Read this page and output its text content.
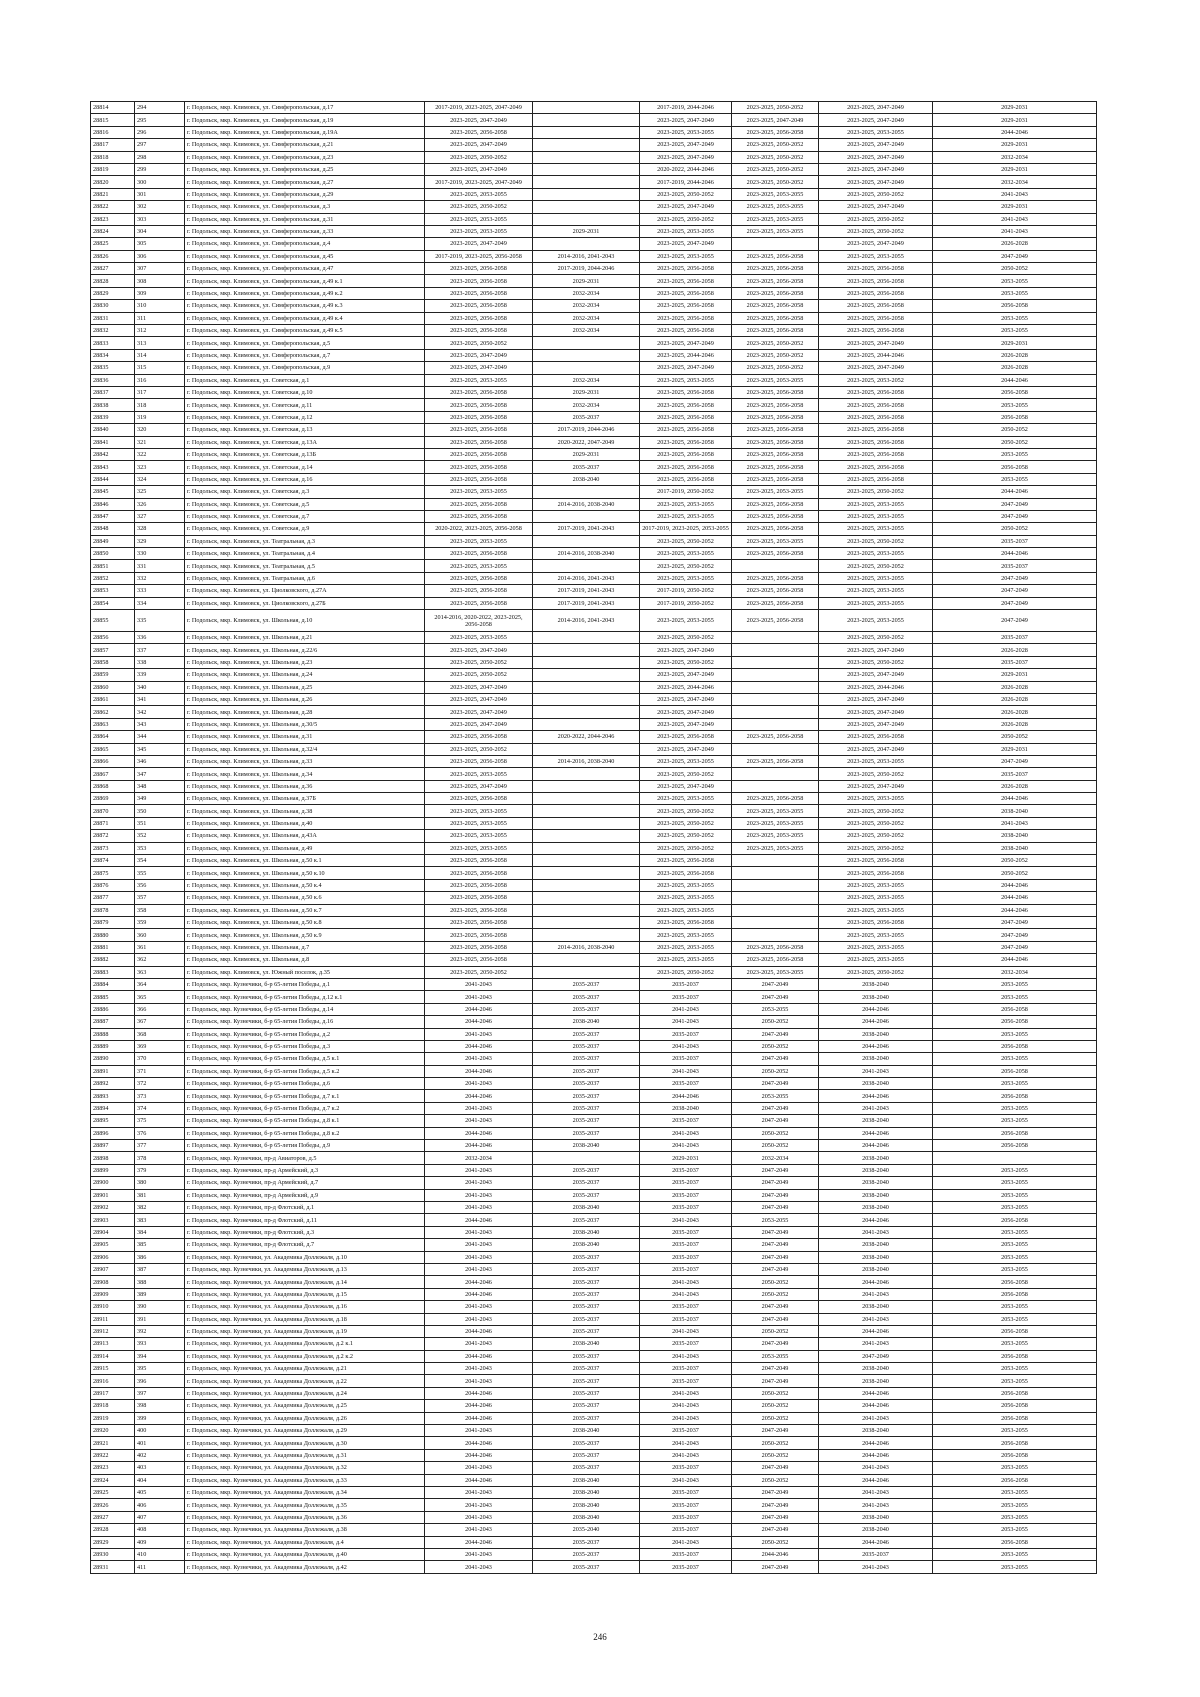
28814	294	г. Подольск, мкр. Климовск, ул. Симферопольская, д.17	2017-2019, 2023-2025, 2047-2049		2017-2019, 2044-2046	2023-2025, 2050-2052	2023-2025, 2047-2049	2029-2031
28815	295	г. Подольск, мкр. Климовск, ул. Симферопольская, д.19	2023-2025, 2047-2049		2023-2025, 2047-2049	2023-2025, 2047-2049	2023-2025, 2047-2049	2029-2031
28816	296	г. Подольск, мкр. Климовск, ул. Симферопольская, д.19А	2023-2025, 2056-2058		2023-2025, 2053-2055	2023-2025, 2056-2058	2023-2025, 2053-2055	2044-2046
28817	297	г. Подольск, мкр. Климовск, ул. Симферопольская, д.21	2023-2025, 2047-2049		2023-2025, 2047-2049	2023-2025, 2050-2052	2023-2025, 2047-2049	2029-2031
28818	298	г. Подольск, мкр. Климовск, ул. Симферопольская, д.23	2023-2025, 2050-2052		2023-2025, 2047-2049	2023-2025, 2050-2052	2023-2025, 2047-2049	2032-2034
28819	299	г. Подольск, мкр. Климовск, ул. Симферопольская, д.25	2023-2025, 2047-2049		2020-2022, 2044-2046	2023-2025, 2050-2052	2023-2025, 2047-2049	2029-2031
28820	300	г. Подольск, мкр. Климовск, ул. Симферопольская, д.27	2017-2019, 2023-2025, 2047-2049		2017-2019, 2044-2046	2023-2025, 2050-2052	2023-2025, 2047-2049	2032-2034
28821	301	г. Подольск, мкр. Климовск, ул. Симферопольская, д.29	2023-2025, 2053-2055		2023-2025, 2050-2052	2023-2025, 2053-2055	2023-2025, 2050-2052	2041-2043
28822	302	г. Подольск, мкр. Климовск, ул. Симферопольская, д.3	2023-2025, 2050-2052		2023-2025, 2047-2049	2023-2025, 2053-2055	2023-2025, 2047-2049	2029-2031
28823	303	г. Подольск, мкр. Климовск, ул. Симферопольская, д.31	2023-2025, 2053-2055		2023-2025, 2050-2052	2023-2025, 2053-2055	2023-2025, 2050-2052	2041-2043
28824	304	г. Подольск, мкр. Климовск, ул. Симферопольская, д.33	2023-2025, 2053-2055	2029-2031	2023-2025, 2053-2055	2023-2025, 2053-2055	2023-2025, 2050-2052	2041-2043
28825	305	г. Подольск, мкр. Климовск, ул. Симферопольская, д.4	2023-2025, 2047-2049		2023-2025, 2047-2049		2023-2025, 2047-2049	2026-2028
28826	306	г. Подольск, мкр. Климовск, ул. Симферопольская, д.45	2017-2019, 2023-2025, 2056-2058	2014-2016, 2041-2043	2023-2025, 2053-2055	2023-2025, 2056-2058	2023-2025, 2053-2055	2047-2049
28827	307	г. Подольск, мкр. Климовск, ул. Симферопольская, д.47	2023-2025, 2056-2058	2017-2019, 2044-2046	2023-2025, 2056-2058	2023-2025, 2056-2058	2023-2025, 2056-2058	2050-2052
28828	308	г. Подольск, мкр. Климовск, ул. Симферопольская, д.49 к.1	2023-2025, 2056-2058	2029-2031	2023-2025, 2056-2058	2023-2025, 2056-2058	2023-2025, 2056-2058	2053-2055
28829	309	г. Подольск, мкр. Климовск, ул. Симферопольская, д.49 к.2	2023-2025, 2056-2058	2032-2034	2023-2025, 2056-2058	2023-2025, 2056-2058	2023-2025, 2056-2058	2053-2055
28830	310	г. Подольск, мкр. Климовск, ул. Симферопольская, д.49 к.3	2023-2025, 2056-2058	2032-2034	2023-2025, 2056-2058	2023-2025, 2056-2058	2023-2025, 2056-2058	2056-2058
28831	311	г. Подольск, мкр. Климовск, ул. Симферопольская, д.49 к.4	2023-2025, 2056-2058	2032-2034	2023-2025, 2056-2058	2023-2025, 2056-2058	2023-2025, 2056-2058	2053-2055
28832	312	г. Подольск, мкр. Климовск, ул. Симферопольская, д.49 к.5	2023-2025, 2056-2058	2032-2034	2023-2025, 2056-2058	2023-2025, 2056-2058	2023-2025, 2056-2058	2053-2055
28833	313	г. Подольск, мкр. Климовск, ул. Симферопольская, д.5	2023-2025, 2050-2052		2023-2025, 2047-2049	2023-2025, 2050-2052	2023-2025, 2047-2049	2029-2031
28834	314	г. Подольск, мкр. Климовск, ул. Симферопольская, д.7	2023-2025, 2047-2049		2023-2025, 2044-2046	2023-2025, 2050-2052	2023-2025, 2044-2046	2026-2028
28835	315	г. Подольск, мкр. Климовск, ул. Симферопольская, д.9	2023-2025, 2047-2049		2023-2025, 2047-2049	2023-2025, 2050-2052	2023-2025, 2047-2049	2026-2028
28836	316	г. Подольск, мкр. Климовск, ул. Советская, д.1	2023-2025, 2053-2055	2032-2034	2023-2025, 2053-2055	2023-2025, 2053-2055	2023-2025, 2053-2052	2044-2046
28837	317	г. Подольск, мкр. Климовск, ул. Советская, д.10	2023-2025, 2056-2058	2029-2031	2023-2025, 2056-2058	2023-2025, 2056-2058	2023-2025, 2056-2058	2056-2058
28838	318	г. Подольск, мкр. Климовск, ул. Советская, д.11	2023-2025, 2056-2058	2032-2034	2023-2025, 2056-2058	2023-2025, 2056-2058	2023-2025, 2056-2058	2053-2055
28839	319	г. Подольск, мкр. Климовск, ул. Советская, д.12	2023-2025, 2056-2058	2035-2037	2023-2025, 2056-2058	2023-2025, 2056-2058	2023-2025, 2056-2058	2056-2058
28840	320	г. Подольск, мкр. Климовск, ул. Советская, д.13	2023-2025, 2056-2058	2017-2019, 2044-2046	2023-2025, 2056-2058	2023-2025, 2056-2058	2023-2025, 2056-2058	2050-2052
28841	321	г. Подольск, мкр. Климовск, ул. Советская, д.13А	2023-2025, 2056-2058	2020-2022, 2047-2049	2023-2025, 2056-2058	2023-2025, 2056-2058	2023-2025, 2056-2058	2050-2052
28842	322	г. Подольск, мкр. Климовск, ул. Советская, д.13Б	2023-2025, 2056-2058	2029-2031	2023-2025, 2056-2058	2023-2025, 2056-2058	2023-2025, 2056-2058	2053-2055
28843	323	г. Подольск, мкр. Климовск, ул. Советская, д.14	2023-2025, 2056-2058	2035-2037	2023-2025, 2056-2058	2023-2025, 2056-2058	2023-2025, 2056-2058	2056-2058
28844	324	г. Подольск, мкр. Климовск, ул. Советская, д.16	2023-2025, 2056-2058	2038-2040	2023-2025, 2056-2058	2023-2025, 2056-2058	2023-2025, 2056-2058	2053-2055
28845	325	г. Подольск, мкр. Климовск, ул. Советская, д.3	2023-2025, 2053-2055		2017-2019, 2050-2052	2023-2025, 2053-2055	2023-2025, 2050-2052	2044-2046
28846	326	г. Подольск, мкр. Климовск, ул. Советская, д.5	2023-2025, 2056-2058	2014-2016, 2038-2040	2023-2025, 2053-2055	2023-2025, 2056-2058	2023-2025, 2053-2055	2047-2049
28847	327	г. Подольск, мкр. Климовск, ул. Советская, д.7	2023-2025, 2056-2058		2023-2025, 2053-2055	2023-2025, 2056-2058	2023-2025, 2053-2055	2047-2049
28848	328	г. Подольск, мкр. Климовск, ул. Советская, д.9	2020-2022, 2023-2025, 2056-2058	2017-2019, 2041-2043	2017-2019, 2023-2025, 2053-2055	2023-2025, 2056-2058	2023-2025, 2053-2055	2050-2052
28849	329	г. Подольск, мкр. Климовск, ул. Театральная, д.3	2023-2025, 2053-2055		2023-2025, 2050-2052	2023-2025, 2053-2055	2023-2025, 2050-2052	2035-2037
28850	330	г. Подольск, мкр. Климовск, ул. Театральная, д.4	2023-2025, 2056-2058	2014-2016, 2038-2040	2023-2025, 2053-2055	2023-2025, 2056-2058	2023-2025, 2053-2055	2044-2046
28851	331	г. Подольск, мкр. Климовск, ул. Театральная, д.5	2023-2025, 2053-2055		2023-2025, 2050-2052		2023-2025, 2050-2052	2035-2037
28852	332	г. Подольск, мкр. Климовск, ул. Театральная, д.6	2023-2025, 2056-2058	2014-2016, 2041-2043	2023-2025, 2053-2055	2023-2025, 2056-2058	2023-2025, 2053-2055	2047-2049
28853	333	г. Подольск, мкр. Климовск, ул. Циолковского, д.27А	2023-2025, 2056-2058	2017-2019, 2041-2043	2017-2019, 2050-2052	2023-2025, 2056-2058	2023-2025, 2053-2055	2047-2049
28854	334	г. Подольск, мкр. Климовск, ул. Циолковского, д.27Б	2023-2025, 2056-2058	2017-2019, 2041-2043	2017-2019, 2050-2052	2023-2025, 2056-2058	2023-2025, 2053-2055	2047-2049
28855	335	г. Подольск, мкр. Климовск, ул. Школьная, д.10	2014-2016, 2020-2022, 2023-2025, 2056-2058	2014-2016, 2041-2043	2023-2025, 2053-2055	2023-2025, 2056-2058	2023-2025, 2053-2055	2047-2049
28856	336	г. Подольск, мкр. Климовск, ул. Школьная, д.21	2023-2025, 2053-2055		2023-2025, 2050-2052		2023-2025, 2050-2052	2035-2037
28857	337	г. Подольск, мкр. Климовск, ул. Школьная, д.22/6	2023-2025, 2047-2049		2023-2025, 2047-2049		2023-2025, 2047-2049	2026-2028
28858	338	г. Подольск, мкр. Климовск, ул. Школьная, д.23	2023-2025, 2050-2052		2023-2025, 2050-2052		2023-2025, 2050-2052	2035-2037
28859	339	г. Подольск, мкр. Климовск, ул. Школьная, д.24	2023-2025, 2050-2052		2023-2025, 2047-2049		2023-2025, 2047-2049	2029-2031
28860	340	г. Подольск, мкр. Климовск, ул. Школьная, д.25	2023-2025, 2047-2049		2023-2025, 2044-2046		2023-2025, 2044-2046	2026-2028
28861	341	г. Подольск, мкр. Климовск, ул. Школьная, д.26	2023-2025, 2047-2049		2023-2025, 2047-2049		2023-2025, 2047-2049	2026-2028
28862	342	г. Подольск, мкр. Климовск, ул. Школьная, д.28	2023-2025, 2047-2049		2023-2025, 2047-2049		2023-2025, 2047-2049	2026-2028
28863	343	г. Подольск, мкр. Климовск, ул. Школьная, д.30/5	2023-2025, 2047-2049		2023-2025, 2047-2049		2023-2025, 2047-2049	2026-2028
28864	344	г. Подольск, мкр. Климовск, ул. Школьная, д.31	2023-2025, 2056-2058	2020-2022, 2044-2046	2023-2025, 2056-2058	2023-2025, 2056-2058	2023-2025, 2056-2058	2050-2052
28865	345	г. Подольск, мкр. Климовск, ул. Школьная, д.32/4	2023-2025, 2050-2052		2023-2025, 2047-2049		2023-2025, 2047-2049	2029-2031
28866	346	г. Подольск, мкр. Климовск, ул. Школьная, д.33	2023-2025, 2056-2058	2014-2016, 2038-2040	2023-2025, 2053-2055	2023-2025, 2056-2058	2023-2025, 2053-2055	2047-2049
28867	347	г. Подольск, мкр. Климовск, ул. Школьная, д.34	2023-2025, 2053-2055		2023-2025, 2050-2052		2023-2025, 2050-2052	2035-2037
28868	348	г. Подольск, мкр. Климовск, ул. Школьная, д.36	2023-2025, 2047-2049		2023-2025, 2047-2049		2023-2025, 2047-2049	2026-2028
28869	349	г. Подольск, мкр. Климовск, ул. Школьная, д.37Б	2023-2025, 2056-2058		2023-2025, 2053-2055	2023-2025, 2056-2058	2023-2025, 2053-2055	2044-2046
28870	350	г. Подольск, мкр. Климовск, ул. Школьная, д.38	2023-2025, 2053-2055		2023-2025, 2050-2052	2023-2025, 2053-2055	2023-2025, 2050-2052	2038-2040
28871	351	г. Подольск, мкр. Климовск, ул. Школьная, д.40	2023-2025, 2053-2055		2023-2025, 2050-2052	2023-2025, 2053-2055	2023-2025, 2050-2052	2041-2043
28872	352	г. Подольск, мкр. Климовск, ул. Школьная, д.43А	2023-2025, 2053-2055		2023-2025, 2050-2052	2023-2025, 2053-2055	2023-2025, 2050-2052	2038-2040
28873	353	г. Подольск, мкр. Климовск, ул. Школьная, д.49	2023-2025, 2053-2055		2023-2025, 2050-2052	2023-2025, 2053-2055	2023-2025, 2050-2052	2038-2040
28874	354	г. Подольск, мкр. Климовск, ул. Школьная, д.50 к.1	2023-2025, 2056-2058		2023-2025, 2056-2058		2023-2025, 2056-2058	2050-2052
28875	355	г. Подольск, мкр. Климовск, ул. Школьная, д.50 к.10	2023-2025, 2056-2058		2023-2025, 2056-2058		2023-2025, 2056-2058	2050-2052
28876	356	г. Подольск, мкр. Климовск, ул. Школьная, д.50 к.4	2023-2025, 2056-2058		2023-2025, 2053-2055		2023-2025, 2053-2055	2044-2046
28877	357	г. Подольск, мкр. Климовск, ул. Школьная, д.50 к.6	2023-2025, 2056-2058		2023-2025, 2053-2055		2023-2025, 2053-2055	2044-2046
28878	358	г. Подольск, мкр. Климовск, ул. Школьная, д.50 к.7	2023-2025, 2056-2058		2023-2025, 2053-2055		2023-2025, 2053-2055	2044-2046
28879	359	г. Подольск, мкр. Климовск, ул. Школьная, д.50 к.8	2023-2025, 2056-2058		2023-2025, 2056-2058		2023-2025, 2056-2058	2047-2049
28880	360	г. Подольск, мкр. Климовск, ул. Школьная, д.50 к.9	2023-2025, 2056-2058		2023-2025, 2053-2055		2023-2025, 2053-2055	2047-2049
28881	361	г. Подольск, мкр. Климовск, ул. Школьная, д.7	2023-2025, 2056-2058	2014-2016, 2038-2040	2023-2025, 2053-2055	2023-2025, 2056-2058	2023-2025, 2053-2055	2047-2049
28882	362	г. Подольск, мкр. Климовск, ул. Школьная, д.8	2023-2025, 2056-2058		2023-2025, 2053-2055	2023-2025, 2056-2058	2023-2025, 2053-2055	2044-2046
28883	363	г. Подольск, мкр. Климовск, ул. Южный поселок, д.35	2023-2025, 2050-2052		2023-2025, 2050-2052	2023-2025, 2053-2055	2023-2025, 2050-2052	2032-2034
28884	364	г. Подольск, мкр. Кузнечики, б-р 65-летия Победы, д.1	2041-2043	2035-2037	2035-2037	2047-2049	2038-2040	2053-2055
28885	365	г. Подольск, мкр. Кузнечики, б-р 65-летия Победы, д.12 к.1	2041-2043	2035-2037	2035-2037	2047-2049	2038-2040	2053-2055
28886	366	г. Подольск, мкр. Кузнечики, б-р 65-летия Победы, д.14	2044-2046	2035-2037	2041-2043	2053-2055	2044-2046	2056-2058
28887	367	г. Подольск, мкр. Кузнечики, б-р 65-летия Победы, д.16	2044-2046	2038-2040	2041-2043	2050-2052	2044-2046	2056-2058
28888	368	г. Подольск, мкр. Кузнечики, б-р 65-летия Победы, д.2	2041-2043	2035-2037	2035-2037	2047-2049	2038-2040	2053-2055
28889	369	г. Подольск, мкр. Кузнечики, б-р 65-летия Победы, д.3	2044-2046	2035-2037	2041-2043	2050-2052	2044-2046	2056-2058
28890	370	г. Подольск, мкр. Кузнечики, б-р 65-летия Победы, д.5 к.1	2041-2043	2035-2037	2035-2037	2047-2049	2038-2040	2053-2055
28891	371	г. Подольск, мкр. Кузнечики, б-р 65-летия Победы, д.5 к.2	2044-2046	2035-2037	2041-2043	2050-2052	2041-2043	2056-2058
28892	372	г. Подольск, мкр. Кузнечики, б-р 65-летия Победы, д.6	2041-2043	2035-2037	2035-2037	2047-2049	2038-2040	2053-2055
28893	373	г. Подольск, мкр. Кузнечики, б-р 65-летия Победы, д.7 к.1	2044-2046	2035-2037	2044-2046	2053-2055	2044-2046	2056-2058
28894	374	г. Подольск, мкр. Кузнечики, б-р 65-летия Победы, д.7 к.2	2041-2043	2035-2037	2038-2040	2047-2049	2041-2043	2053-2055
28895	375	г. Подольск, мкр. Кузнечики, б-р 65-летия Победы, д.8 к.1	2041-2043	2035-2037	2035-2037	2047-2049	2038-2040	2053-2055
28896	376	г. Подольск, мкр. Кузнечики, б-р 65-летия Победы, д.8 к.2	2044-2046	2035-2037	2041-2043	2050-2052	2044-2046	2056-2058
28897	377	г. Подольск, мкр. Кузнечики, б-р 65-летия Победы, д.9	2044-2046	2038-2040	2041-2043	2050-2052	2044-2046	2056-2058
28898	378	г. Подольск, мкр. Кузнечики, пр-д Авиаторов, д.5	2032-2034		2029-2031	2032-2034	2038-2040	
28899	379	г. Подольск, мкр. Кузнечики, пр-д Армейский, д.3	2041-2043	2035-2037	2035-2037	2047-2049	2038-2040	2053-2055
28900	380	г. Подольск, мкр. Кузнечики, пр-д Армейский, д.7	2041-2043	2035-2037	2035-2037	2047-2049	2038-2040	2053-2055
28901	381	г. Подольск, мкр. Кузнечики, пр-д Армейский, д.9	2041-2043	2035-2037	2035-2037	2047-2049	2038-2040	2053-2055
28902	382	г. Подольск, мкр. Кузнечики, пр-д Флотский, д.1	2041-2043	2038-2040	2035-2037	2047-2049	2038-2040	2053-2055
28903	383	г. Подольск, мкр. Кузнечики, пр-д Флотский, д.11	2044-2046	2035-2037	2041-2043	2053-2055	2044-2046	2056-2058
28904	384	г. Подольск, мкр. Кузнечики, пр-д Флотский, д.3	2041-2043	2038-2040	2035-2037	2047-2049	2041-2043	2053-2055
28905	385	г. Подольск, мкр. Кузнечики, пр-д Флотский, д.7	2041-2043	2038-2040	2035-2037	2047-2049	2038-2040	2053-2055
28906	386	г. Подольск, мкр. Кузнечики, ул. Академика Доллежаля, д.10	2041-2043	2035-2037	2035-2037	2047-2049	2038-2040	2053-2055
28907	387	г. Подольск, мкр. Кузнечики, ул. Академика Доллежаля, д.13	2041-2043	2035-2037	2035-2037	2047-2049	2038-2040	2053-2055
28908	388	г. Подольск, мкр. Кузнечики, ул. Академика Доллежаля, д.14	2044-2046	2035-2037	2041-2043	2050-2052	2044-2046	2056-2058
28909	389	г. Подольск, мкр. Кузнечики, ул. Академика Доллежаля, д.15	2044-2046	2035-2037	2041-2043	2050-2052	2041-2043	2056-2058
28910	390	г. Подольск, мкр. Кузнечики, ул. Академика Доллежаля, д.16	2041-2043	2035-2037	2035-2037	2047-2049	2038-2040	2053-2055
28911	391	г. Подольск, мкр. Кузнечики, ул. Академика Доллежаля, д.18	2041-2043	2035-2037	2035-2037	2047-2049	2041-2043	2053-2055
28912	392	г. Подольск, мкр. Кузнечики, ул. Академика Доллежаля, д.19	2044-2046	2035-2037	2041-2043	2050-2052	2044-2046	2056-2058
28913	393	г. Подольск, мкр. Кузнечики, ул. Академика Доллежаля, д.2 к.1	2041-2043	2038-2040	2035-2037	2047-2049	2041-2043	2053-2055
28914	394	г. Подольск, мкр. Кузнечики, ул. Академика Доллежаля, д.2 к.2	2044-2046	2035-2037	2041-2043	2053-2055	2047-2049	2056-2058
28915	395	г. Подольск, мкр. Кузнечики, ул. Академика Доллежаля, д.21	2041-2043	2035-2037	2035-2037	2047-2049	2038-2040	2053-2055
28916	396	г. Подольск, мкр. Кузнечики, ул. Академика Доллежаля, д.22	2041-2043	2035-2037	2035-2037	2047-2049	2038-2040	2053-2055
28917	397	г. Подольск, мкр. Кузнечики, ул. Академика Доллежаля, д.24	2044-2046	2035-2037	2041-2043	2050-2052	2044-2046	2056-2058
28918	398	г. Подольск, мкр. Кузнечики, ул. Академика Доллежаля, д.25	2044-2046	2035-2037	2041-2043	2050-2052	2044-2046	2056-2058
28919	399	г. Подольск, мкр. Кузнечики, ул. Академика Доллежаля, д.26	2044-2046	2035-2037	2041-2043	2050-2052	2041-2043	2056-2058
28920	400	г. Подольск, мкр. Кузнечики, ул. Академика Доллежаля, д.29	2041-2043	2038-2040	2035-2037	2047-2049	2038-2040	2053-2055
28921	401	г. Подольск, мкр. Кузнечики, ул. Академика Доллежаля, д.30	2044-2046	2035-2037	2041-2043	2050-2052	2044-2046	2056-2058
28922	402	г. Подольск, мкр. Кузнечики, ул. Академика Доллежаля, д.31	2044-2046	2035-2037	2041-2043	2050-2052	2044-2046	2056-2058
28923	403	г. Подольск, мкр. Кузнечики, ул. Академика Доллежаля, д.32	2041-2043	2035-2037	2035-2037	2047-2049	2041-2043	2053-2055
28924	404	г. Подольск, мкр. Кузнечики, ул. Академика Доллежаля, д.33	2044-2046	2038-2040	2041-2043	2050-2052	2044-2046	2056-2058
28925	405	г. Подольск, мкр. Кузнечики, ул. Академика Доллежаля, д.34	2041-2043	2038-2040	2035-2037	2047-2049	2041-2043	2053-2055
28926	406	г. Подольск, мкр. Кузнечики, ул. Академика Доллежаля, д.35	2041-2043	2038-2040	2035-2037	2047-2049	2041-2043	2053-2055
28927	407	г. Подольск, мкр. Кузнечики, ул. Академика Доллежаля, д.36	2041-2043	2038-2040	2035-2037	2047-2049	2038-2040	2053-2055
28928	408	г. Подольск, мкр. Кузнечики, ул. Академика Доллежаля, д.38	2041-2043	2035-2040	2035-2037	2047-2049	2038-2040	2053-2055
28929	409	г. Подольск, мкр. Кузнечики, ул. Академика Доллежаля, д.4	2044-2046	2035-2037	2041-2043	2050-2052	2044-2046	2056-2058
28930	410	г. Подольск, мкр. Кузнечики, ул. Академика Доллежаля, д.40	2041-2043	2035-2037	2035-2037	2044-2046	2035-2037	2053-2055
28931	411	г. Подольск, мкр. Кузнечики, ул. Академика Доллежаля, д.42	2041-2043	2035-2037	2035-2037	2047-2049	2041-2043	2053-2055
246
